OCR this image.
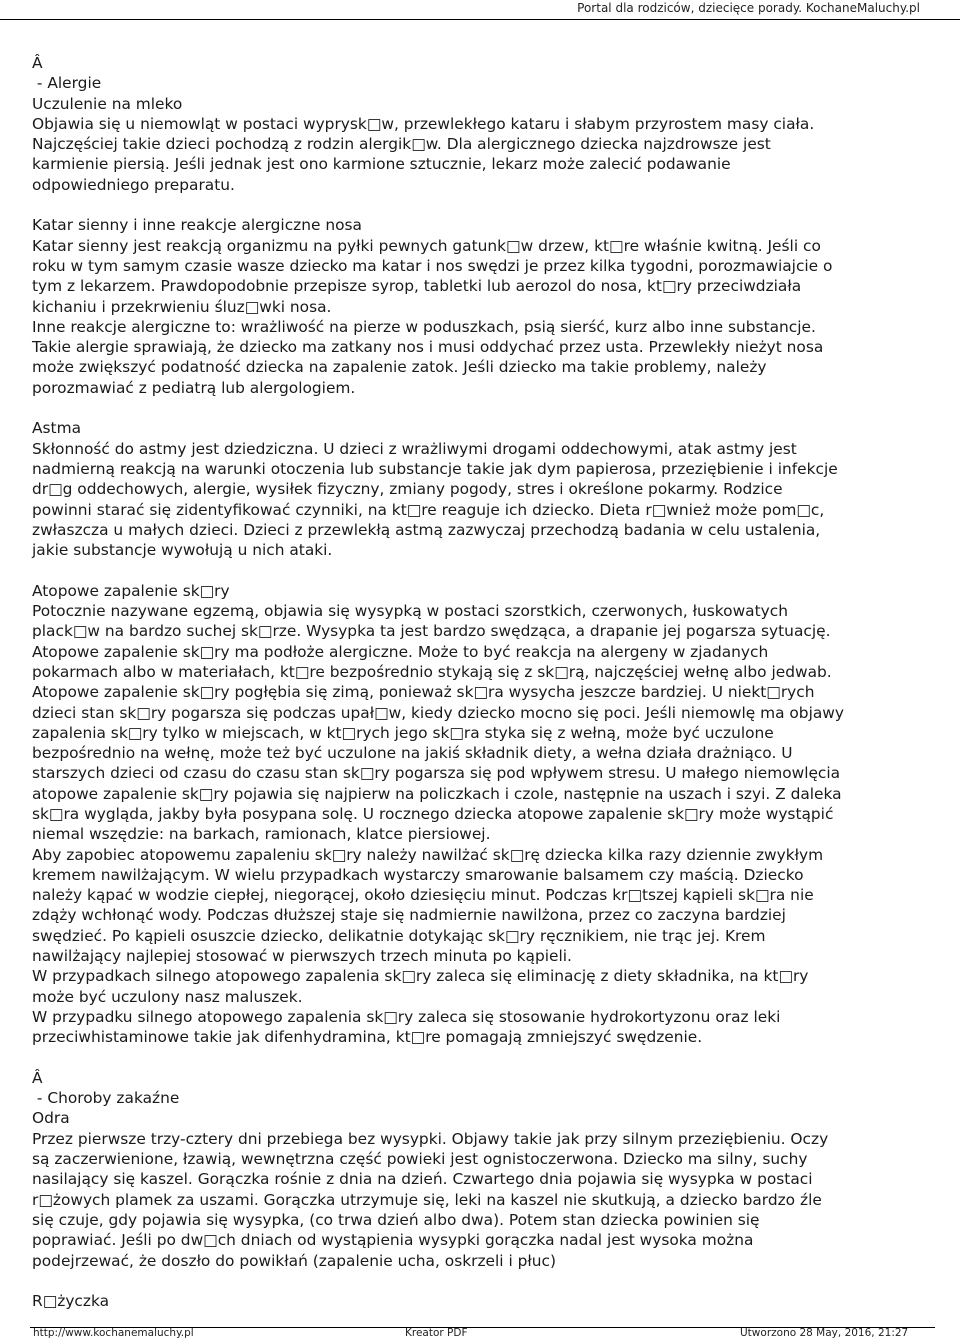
Portal dla rodziców, dziecięce porady. KochaneMaluchy.pl

Â

- Alergie

Uczulenie na mleko

Objawia się u niemowląt w postaci wyprysk□w, przewlekłego kataru i słabym przyrostem masy ciała.

Najczęściej takie dzieci pochodzą z rodzin alergik□w. Dla alergicznego dziecka najzdrowsze jest

karmienie piersią. Jeśli jednak jest ono karmione sztucznie, lekarz może zalecić podawanie

odpowiedniego preparatu.

Katar sienny i inne reakcje alergiczne nosa

Katar sienny jest reakcją organizmu na pyłki pewnych gatunk□w drzew, kt□re właśnie kwitną. Jeśli co

roku w tym samym czasie wasze dziecko ma katar i nos swędzi je przez kilka tygodni, porozmawiajcie o

tym z lekarzem. Prawdopodobnie przepisze syrop, tabletki lub aerozol do nosa, kt□ry przeciwdziała

kichaniu i przekrwieniu śluz□wki nosa.

Inne reakcje alergiczne to: wrażliwość na pierze w poduszkach, psią sierść, kurz albo inne substancje.

Takie alergie sprawiają, że dziecko ma zatkany nos i musi oddychać przez usta. Przewlekły nieżyt nosa

może zwiększyć podatność dziecka na zapalenie zatok. Jeśli dziecko ma takie problemy, należy

porozmawiać z pediatrą lub alergologiem.

Astma

Skłonność do astmy jest dziedziczna. U dzieci z wrażliwymi drogami oddechowymi, atak astmy jest

nadmierną reakcją na warunki otoczenia lub substancje takie jak dym papierosa, przeziębienie i infekcje

dr□g oddechowych, alergie, wysiłek fizyczny, zmiany pogody, stres i określone pokarmy. Rodzice

powinni starać się zidentyfikować czynniki, na kt□re reaguje ich dziecko. Dieta r□wnież może pom□c,

zwłaszcza u małych dzieci. Dzieci z przewlekłą astmą zazwyczaj przechodzą badania w celu ustalenia,

jakie substancje wywołują u nich ataki.

Atopowe zapalenie sk□ry

Potocznie nazywane egzemą, objawia się wysypką w postaci szorstkich, czerwonych, łuskowatych

plack□w na bardzo suchej sk□rze. Wysypka ta jest bardzo swędząca, a drapanie jej pogarsza sytuację.

Atopowe zapalenie sk□ry ma podłoże alergiczne. Może to być reakcja na alergeny w zjadanych

pokarmach albo w materiałach, kt□re bezpośrednio stykają się z sk□rą, najczęściej wełnę albo jedwab.

Atopowe zapalenie sk□ry pogłębia się zimą, ponieważ sk□ra wysycha jeszcze bardziej. U niekt□rych

dzieci stan sk□ry pogarsza się podczas upał□w, kiedy dziecko mocno się poci. Jeśli niemowlę ma objawy

zapalenia sk□ry tylko w miejscach, w kt□rych jego sk□ra styka się z wełną, może być uczulone

bezpośrednio na wełnę, może też być uczulone na jakiś składnik diety, a wełna działa drażniąco. U

starszych dzieci od czasu do czasu stan sk□ry pogarsza się pod wpływem stresu. U małego niemowlęcia

atopowe zapalenie sk□ry pojawia się najpierw na policzkach i czole, następnie na uszach i szyi. Z daleka

sk□ra wygląda, jakby była posypana solę. U rocznego dziecka atopowe zapalenie sk□ry może wystąpić

niemal wszędzie: na barkach, ramionach, klatce piersiowej.

Aby zapobiec atopowemu zapaleniu sk□ry należy nawilżać sk□rę dziecka kilka razy dziennie zwykłym

kremem nawilżającym. W wielu przypadkach wystarczy smarowanie balsamem czy maścią. Dziecko

należy kąpać w wodzie ciepłej, niegorącej, około dziesięciu minut. Podczas kr□tszej kąpieli sk□ra nie

zdąży wchłonąć wody. Podczas dłuższej staje się nadmiernie nawilżona, przez co zaczyna bardziej

swędzieć. Po kąpieli osuszcie dziecko, delikatnie dotykając sk□ry ręcznikiem, nie trąc jej. Krem

nawilżający najlepiej stosować w pierwszych trzech minuta po kąpieli.

W przypadkach silnego atopowego zapalenia sk□ry zaleca się eliminację z diety składnika, na kt□ry

może być uczulony nasz maluszek.

W przypadku silnego atopowego zapalenia sk□ry zaleca się stosowanie hydrokortyzonu oraz leki

przeciwhistaminowe takie jak difenhydramina, kt□re pomagają zmniejszyć swędzenie.

Â

- Choroby zakaźne

Odra

Przez pierwsze trzy-cztery dni przebiega bez wysypki. Objawy takie jak przy silnym przeziębieniu. Oczy

są zaczerwienione, łzawią, wewnętrzna część powieki jest ognistoczerwona. Dziecko ma silny, suchy

nasilający się kaszel. Gorączka rośnie z dnia na dzień. Czwartego dnia pojawia się wysypka w postaci

r□żowych plamek za uszami. Gorączka utrzymuje się, leki na kaszel nie skutkują, a dziecko bardzo źle

się czuje, gdy pojawia się wysypka, (co trwa dzień albo dwa). Potem stan dziecka powinien się

poprawiać. Jeśli po dw□ch dniach od wystąpienia wysypki gorączka nadal jest wysoka można

podejrzewać, że doszło do powikłań (zapalenie ucha, oskrzeli i płuc)

R□życzka

http://www.kochanemaluchy.pl	Kreator PDF	Utworzono 28 May, 2016, 21:27
